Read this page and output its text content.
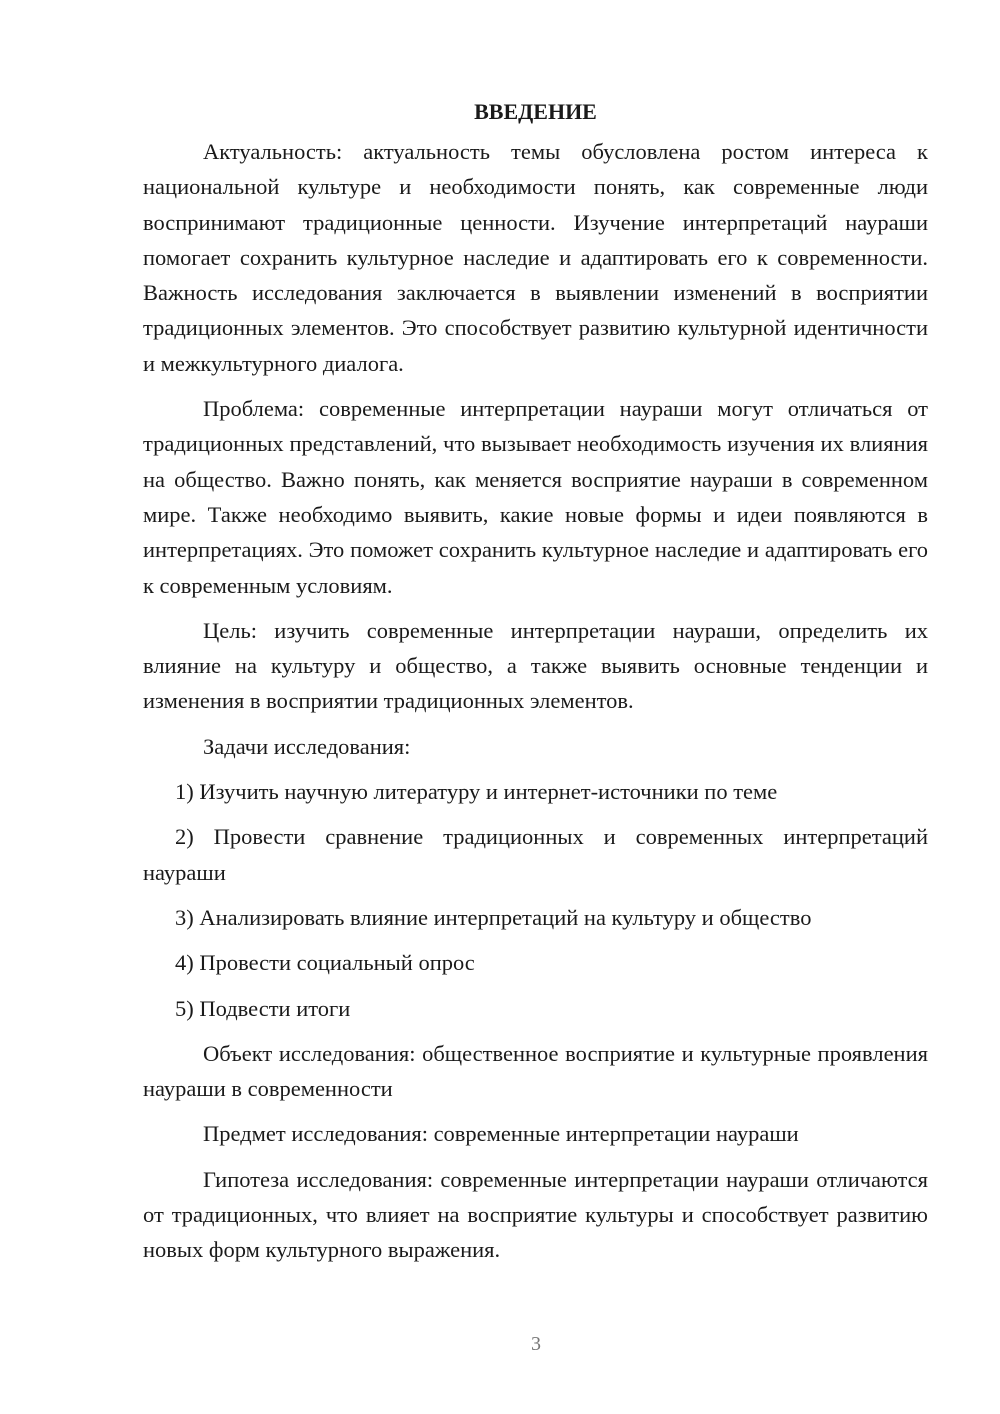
ВВЕДЕНИЕ

Актуальность: актуальность темы обусловлена ростом интереса к национальной культуре и необходимости понять, как современные люди воспринимают традиционные ценности. Изучение интерпретаций наураши помогает сохранить культурное наследие и адаптировать его к современности. Важность исследования заключается в выявлении изменений в восприятии традиционных элементов. Это способствует развитию культурной идентичности и межкультурного диалога.

Проблема: современные интерпретации наураши могут отличаться от традиционных представлений, что вызывает необходимость изучения их влияния на общество. Важно понять, как меняется восприятие наураши в современном мире. Также необходимо выявить, какие новые формы и идеи появляются в интерпретациях. Это поможет сохранить культурное наследие и адаптировать его к современным условиям.

Цель: изучить современные интерпретации наураши, определить их влияние на культуру и общество, а также выявить основные тенденции и изменения в восприятии традиционных элементов.

Задачи исследования:

1) Изучить научную литературу и интернет-источники по теме

2) Провести сравнение традиционных и современных интерпретаций наураши

3) Анализировать влияние интерпретаций на культуру и общество

4) Провести социальный опрос

5) Подвести итоги

Объект исследования: общественное восприятие и культурные проявления наураши в современности

Предмет исследования: современные интерпретации наураши

Гипотеза исследования: современные интерпретации наураши отличаются от традиционных, что влияет на восприятие культуры и способствует развитию новых форм культурного выражения.

3
